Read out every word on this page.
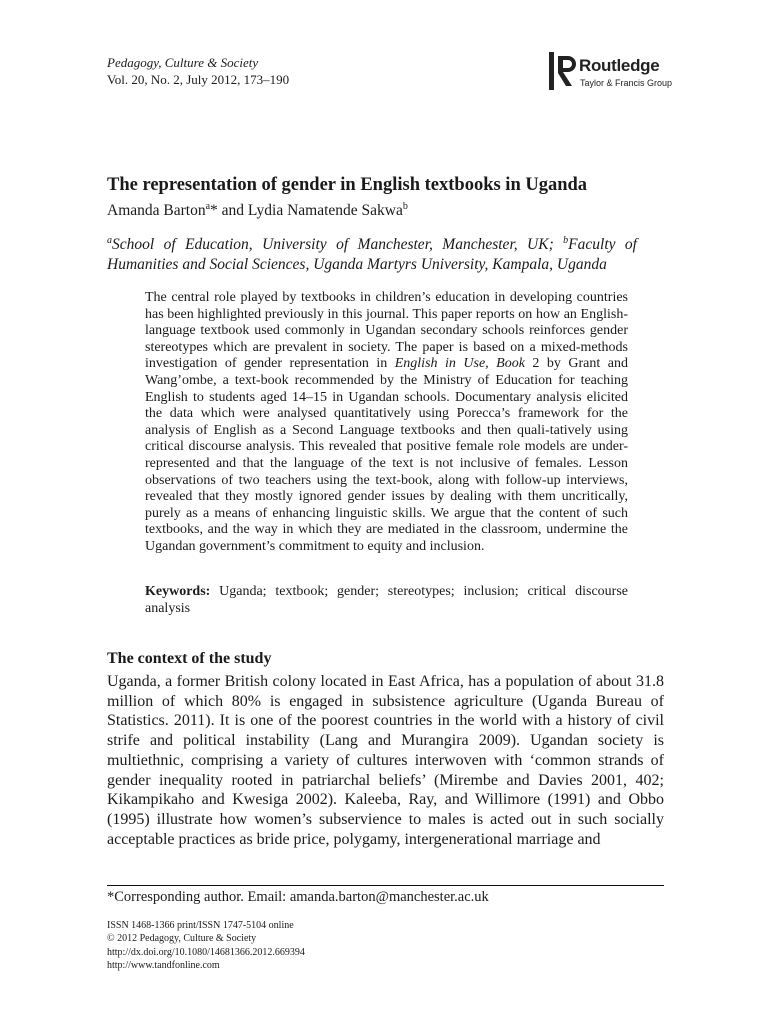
Pedagogy, Culture & Society
Vol. 20, No. 2, July 2012, 173–190
Routledge
Taylor & Francis Group
The representation of gender in English textbooks in Uganda
Amanda Barton$^a$* and Lydia Namatende Sakwa$^b$
$^a$School of Education, University of Manchester, Manchester, UK; $^b$Faculty of Humanities and Social Sciences, Uganda Martyrs University, Kampala, Uganda

The central role played by textbooks in children’s education in developing countries has been highlighted previously in this journal. This paper reports on how an English-language textbook used commonly in Ugandan secondary schools reinforces gender stereotypes which are prevalent in society. The paper is based on a mixed-methods investigation of gender representation in English in Use, Book 2 by Grant and Wang’ombe, a text-book recommended by the Ministry of Education for teaching English to students aged 14–15 in Ugandan schools. Documentary analysis elicited the data which were analysed quantitatively using Porecca’s framework for the analysis of English as a Second Language textbooks and then quali-tatively using critical discourse analysis. This revealed that positive female role models are under-represented and that the language of the text is not inclusive of females. Lesson observations of two teachers using the text-book, along with follow-up interviews, revealed that they mostly ignored gender issues by dealing with them uncritically, purely as a means of enhancing linguistic skills. We argue that the content of such textbooks, and the way in which they are mediated in the classroom, undermine the Ugandan government’s commitment to equity and inclusion.

Keywords: Uganda; textbook; gender; stereotypes; inclusion; critical discourse analysis

The context of the study

Uganda, a former British colony located in East Africa, has a population of about 31.8 million of which 80% is engaged in subsistence agriculture (Uganda Bureau of Statistics. 2011). It is one of the poorest countries in the world with a history of civil strife and political instability (Lang and Murangira 2009). Ugandan society is multiethnic, comprising a variety of cultures interwoven with ‘common strands of gender inequality rooted in patriarchal beliefs’ (Mirembe and Davies 2001, 402; Kikampikaho and Kwesiga 2002). Kaleeba, Ray, and Willimore (1991) and Obbo (1995) illustrate how women’s subservience to males is acted out in such socially acceptable practices as bride price, polygamy, intergenerational marriage and

*Corresponding author. Email: amanda.barton@manchester.ac.uk
ISSN 1468-1366 print/ISSN 1747-5104 online
© 2012 Pedagogy, Culture & Society
http://dx.doi.org/10.1080/14681366.2012.669394
http://www.tandfonline.com
